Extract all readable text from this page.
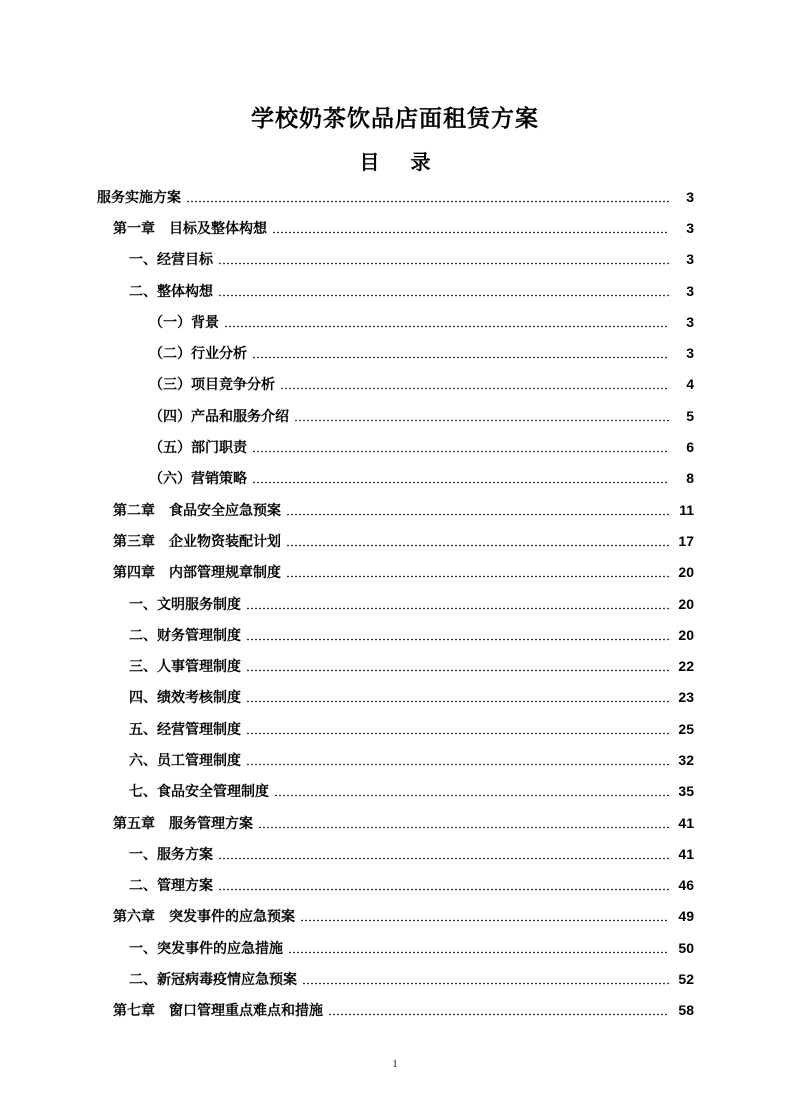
学校奶茶饮品店面租赁方案
目 录
服务实施方案	3
第一章　目标及整体构想	3
一、经营目标	3
二、整体构想	3
（一）背景	3
（二）行业分析	3
（三）项目竞争分析	4
（四）产品和服务介绍	5
（五）部门职责	6
（六）营销策略	8
第二章　食品安全应急预案	11
第三章　企业物资装配计划	17
第四章　内部管理规章制度	20
一、文明服务制度	20
二、财务管理制度	20
三、人事管理制度	22
四、绩效考核制度	23
五、经营管理制度	25
六、员工管理制度	32
七、食品安全管理制度	35
第五章　服务管理方案	41
一、服务方案	41
二、管理方案	46
第六章　突发事件的应急预案	49
一、突发事件的应急措施	50
二、新冠病毒疫情应急预案	52
第七章　窗口管理重点难点和措施	58
1
